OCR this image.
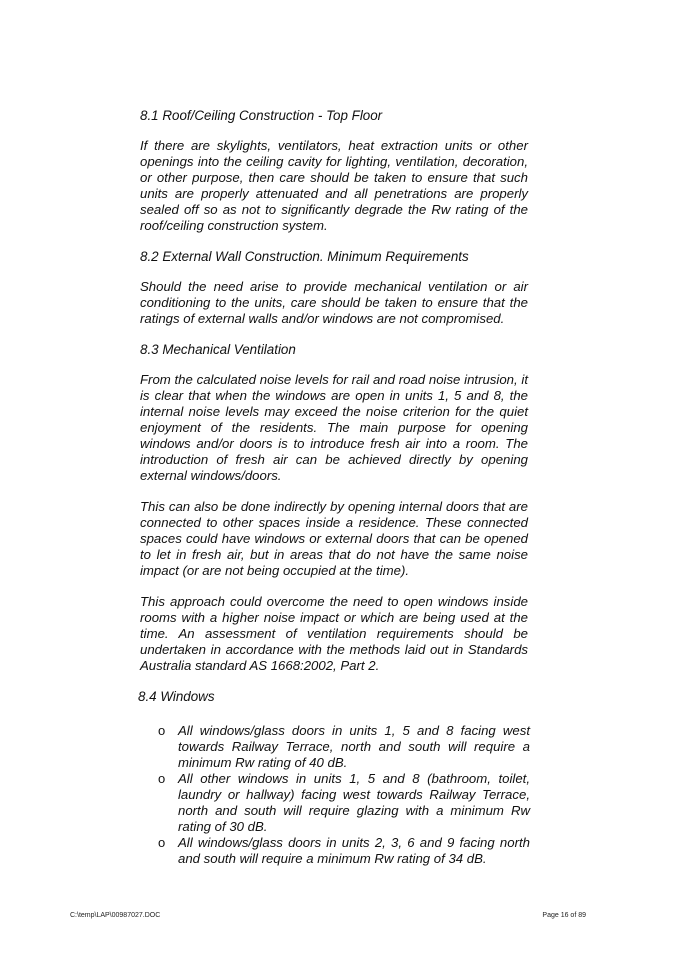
8.1 Roof/Ceiling Construction - Top Floor

If there are skylights, ventilators, heat extraction units or other openings into the ceiling cavity for lighting, ventilation, decoration, or other purpose, then care should be taken to ensure that such units are properly attenuated and all penetrations are properly sealed off so as not to significantly degrade the Rw rating of the roof/ceiling construction system.

8.2 External Wall Construction. Minimum Requirements

Should the need arise to provide mechanical ventilation or air conditioning to the units, care should be taken to ensure that the ratings of external walls and/or windows are not compromised.

8.3 Mechanical Ventilation

From the calculated noise levels for rail and road noise intrusion, it is clear that when the windows are open in units 1, 5 and 8, the internal noise levels may exceed the noise criterion for the quiet enjoyment of the residents. The main purpose for opening windows and/or doors is to introduce fresh air into a room. The introduction of fresh air can be achieved directly by opening external windows/doors.

This can also be done indirectly by opening internal doors that are connected to other spaces inside a residence. These connected spaces could have windows or external doors that can be opened to let in fresh air, but in areas that do not have the same noise impact (or are not being occupied at the time).

This approach could overcome the need to open windows inside rooms with a higher noise impact or which are being used at the time. An assessment of ventilation requirements should be undertaken in accordance with the methods laid out in Standards Australia standard AS 1668:2002, Part 2.

8.4 Windows
o All windows/glass doors in units 1, 5 and 8 facing west towards Railway Terrace, north and south will require a minimum Rw rating of 40 dB.
o All other windows in units 1, 5 and 8 (bathroom, toilet, laundry or hallway) facing west towards Railway Terrace, north and south will require glazing with a minimum Rw rating of 30 dB.
o All windows/glass doors in units 2, 3, 6 and 9 facing north and south will require a minimum Rw rating of 34 dB.
C:\temp\LAP\00987027.DOC	Page 16 of 89
